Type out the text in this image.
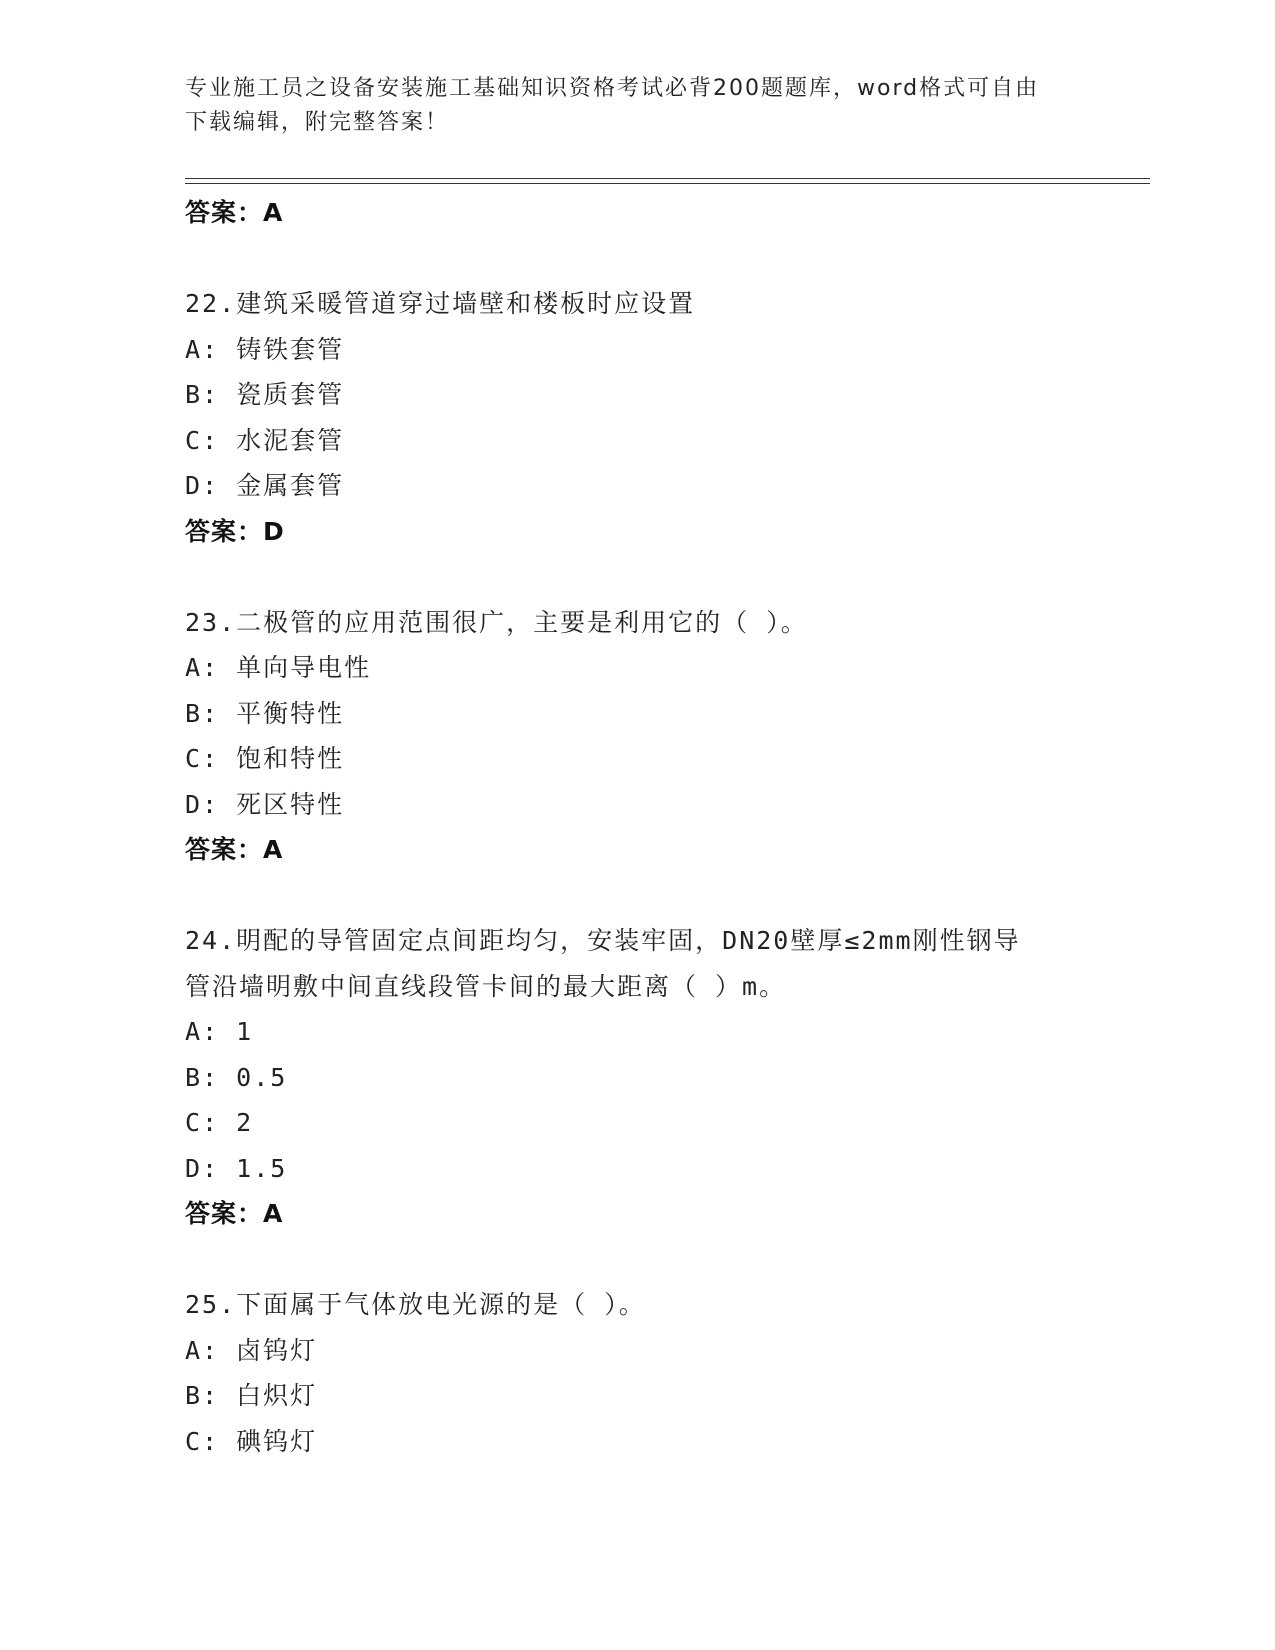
专业施工员之设备安装施工基础知识资格考试必背200题题库，word格式可自由
下载编辑，附完整答案！
答案：A
22.建筑采暖管道穿过墙壁和楼板时应设置
A: 铸铁套管
B: 瓷质套管
C: 水泥套管
D: 金属套管
答案：D
23.二极管的应用范围很广，主要是利用它的（ ）。
A: 单向导电性
B: 平衡特性
C: 饱和特性
D: 死区特性
答案：A
24.明配的导管固定点间距均匀，安装牢固，DN20壁厚≤2mm刚性钢导
管沿墙明敷中间直线段管卡间的最大距离（ ）m。
A: 1
B: 0.5
C: 2
D: 1.5
答案：A
25.下面属于气体放电光源的是（ ）。
A: 卤钨灯
B: 白炽灯
C: 碘钨灯
